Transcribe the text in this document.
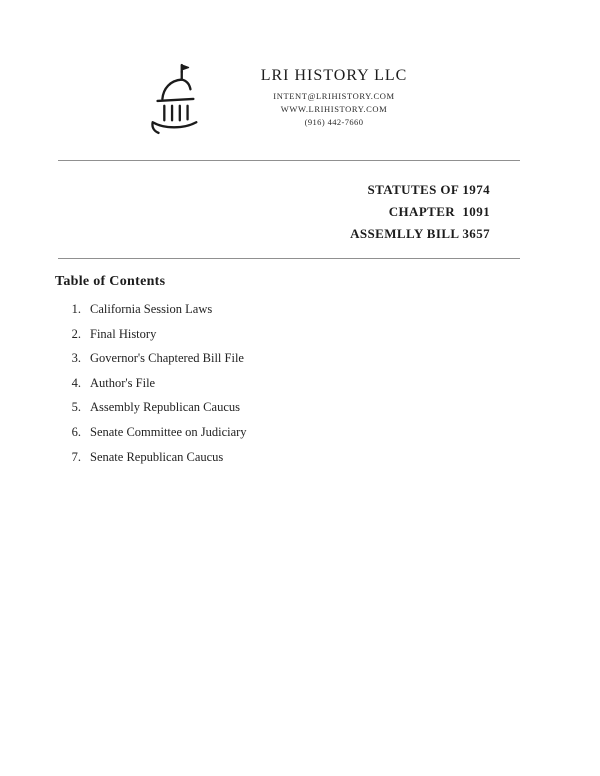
LRI HISTORY LLC
INTENT@LRIHISTORY.COM
WWW.LRIHISTORY.COM
(916) 442-7660
STATUTES OF 1974
CHAPTER  1091
ASSEMLLY BILL 3657
Table of Contents
1. California Session Laws
2. Final History
3. Governor's Chaptered Bill File
4. Author's File
5. Assembly Republican Caucus
6. Senate Committee on Judiciary
7. Senate Republican Caucus
